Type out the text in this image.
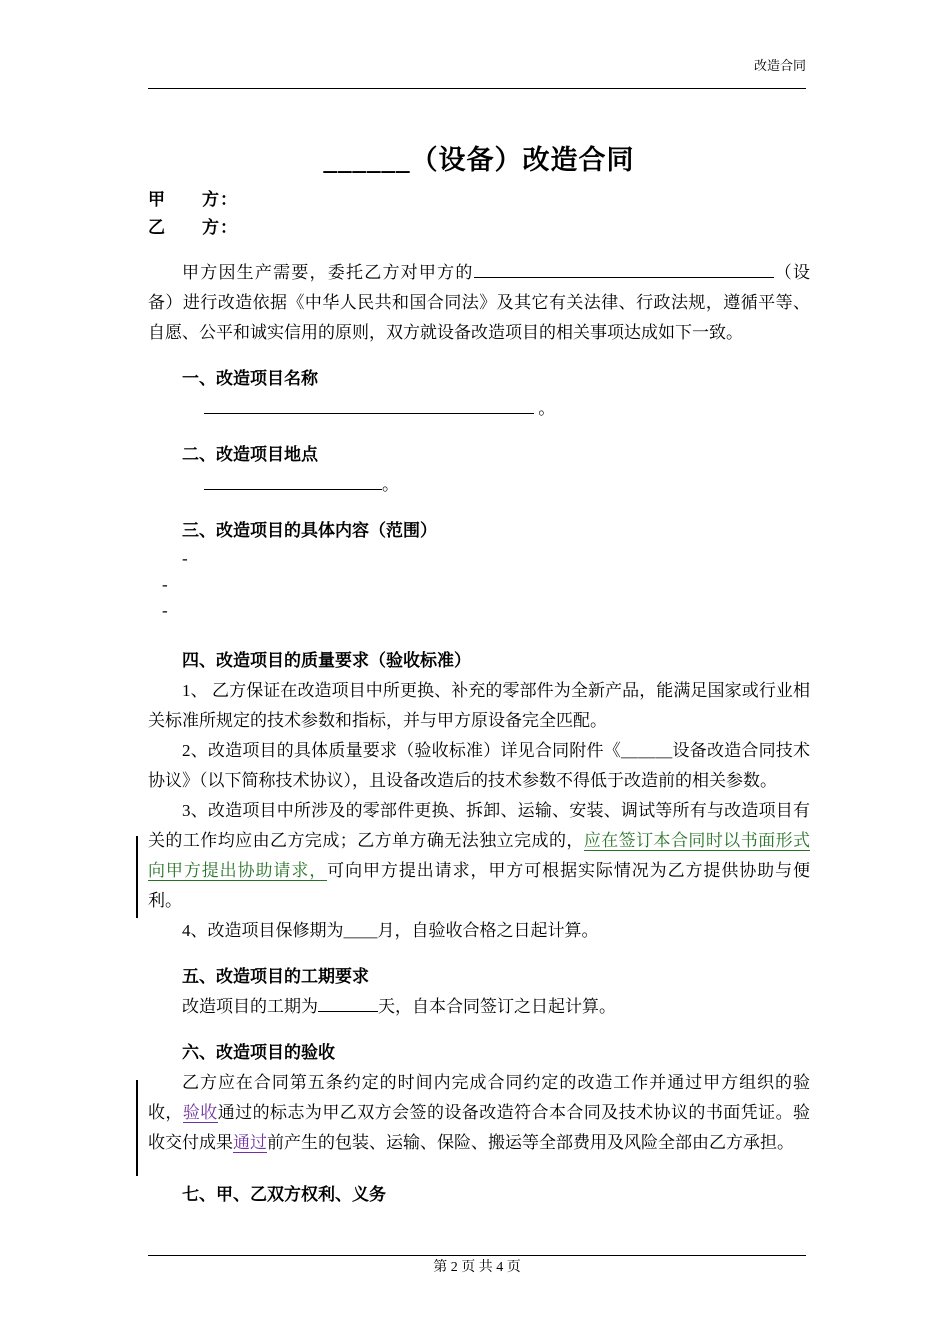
改造合同

______（设备）改造合同

甲　　方：

乙　　方：

甲方因生产需要，委托乙方对甲方的	（设备）进行改造依据《中华人民共和国合同法》及其它有关法律、行政法规，遵循平等、自愿、公平和诚实信用的原则，双方就设备改造项目的相关事项达成如下一致。

一、改造项目名称

。

二、改造项目地点

。

三、改造项目的具体内容（范围）

-

-

-

四、改造项目的质量要求（验收标准）

1、 乙方保证在改造项目中所更换、补充的零部件为全新产品，能满足国家或行业相关标准所规定的技术参数和指标，并与甲方原设备完全匹配。

2、改造项目的具体质量要求（验收标准）详见合同附件《＿＿＿设备改造合同技术协议》（以下简称技术协议），且设备改造后的技术参数不得低于改造前的相关参数。

3、改造项目中所涉及的零部件更换、拆卸、运输、安装、调试等所有与改造项目有关的工作均应由乙方完成；乙方单方确无法独立完成的，应在签订本合同时以书面形式向甲方提出协助请求，可向甲方提出请求，甲方可根据实际情况为乙方提供协助与便利。

4、改造项目保修期为＿＿月，自验收合格之日起计算。

五、改造项目的工期要求

改造项目的工期为	天，自本合同签订之日起计算。

六、改造项目的验收

乙方应在合同第五条约定的时间内完成合同约定的改造工作并通过甲方组织的验收，验收通过的标志为甲乙双方会签的设备改造符合本合同及技术协议的书面凭证。验收交付成果通过前产生的包装、运输、保险、搬运等全部费用及风险全部由乙方承担。

七、甲、乙双方权利、义务

第 2 页 共 4 页
